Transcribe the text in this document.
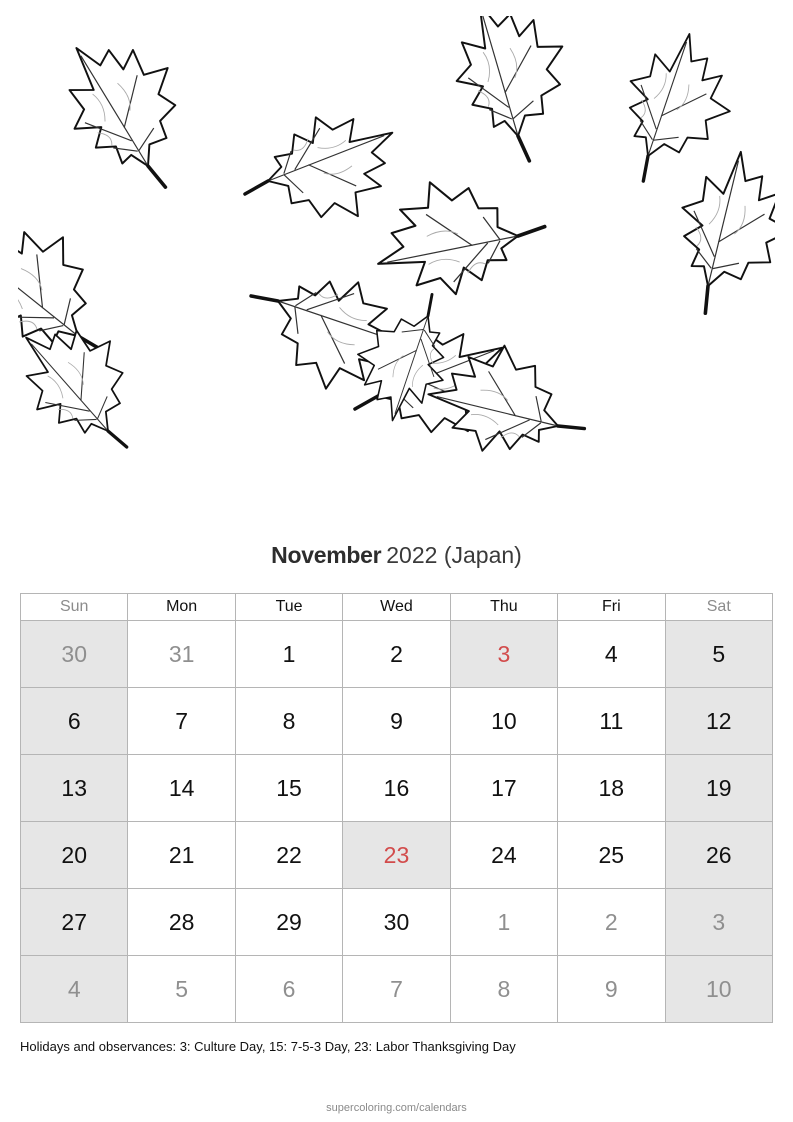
November 2022 (Japan)
Sun	Mon	Tue	Wed	Thu	Fri	Sat
30	31	1	2	3	4	5
6	7	8	9	10	11	12
13	14	15	16	17	18	19
20	21	22	23	24	25	26
27	28	29	30	1	2	3
4	5	6	7	8	9	10
Holidays and observances: 3: Culture Day, 15: 7-5-3 Day, 23: Labor Thanksgiving Day
supercoloring.com/calendars
